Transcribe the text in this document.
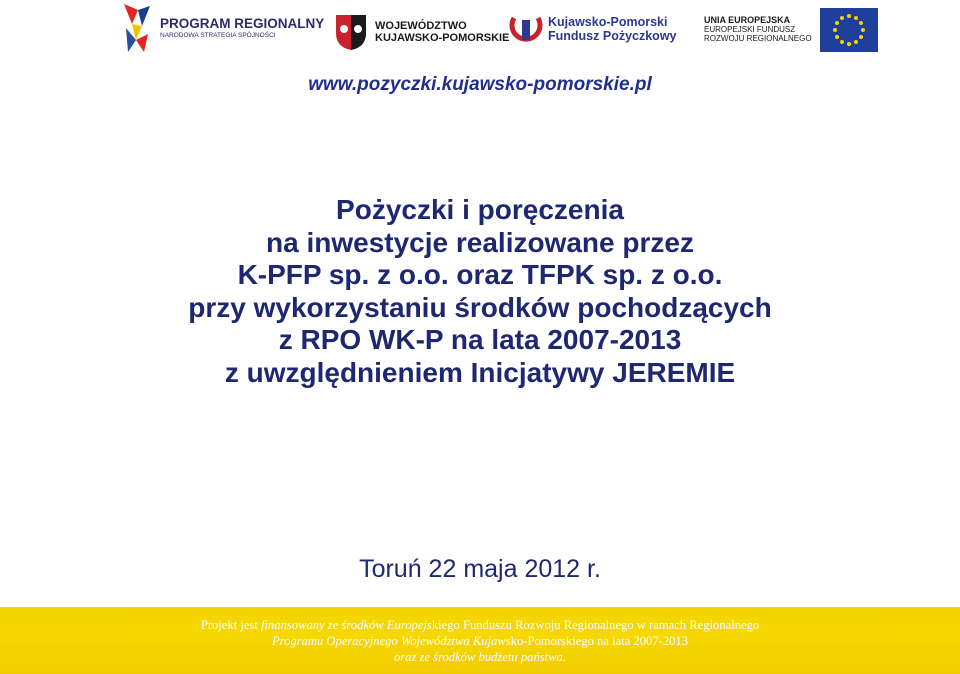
PROGRAM REGIONALNY
NARODOWA STRATEGIA SPÓJNOŚCI
WOJEWÓDZTWO
KUJAWSKO-POMORSKIE
Kujawsko-Pomorski
Fundusz Pożyczkowy
UNIA EUROPEJSKA
EUROPEJSKI FUNDUSZ
ROZWOJU REGIONALNEGO
www.pozyczki.kujawsko-pomorskie.pl
Pożyczki i poręczenia
na inwestycje realizowane przez
K-PFP sp. z o.o. oraz TFPK sp. z o.o.
przy wykorzystaniu środków pochodzących
z RPO WK-P na lata 2007-2013
z uwzględnieniem Inicjatywy JEREMIE
Toruń 22 maja 2012 r.
Projekt jest finansowany ze środków Europejskiego Funduszu Rozwoju Regionalnego w ramach Regionalnego
Programu Operacyjnego Województwa Kujawsko-Pomorskiego na lata 2007-2013
oraz ze środków budżetu państwa.
